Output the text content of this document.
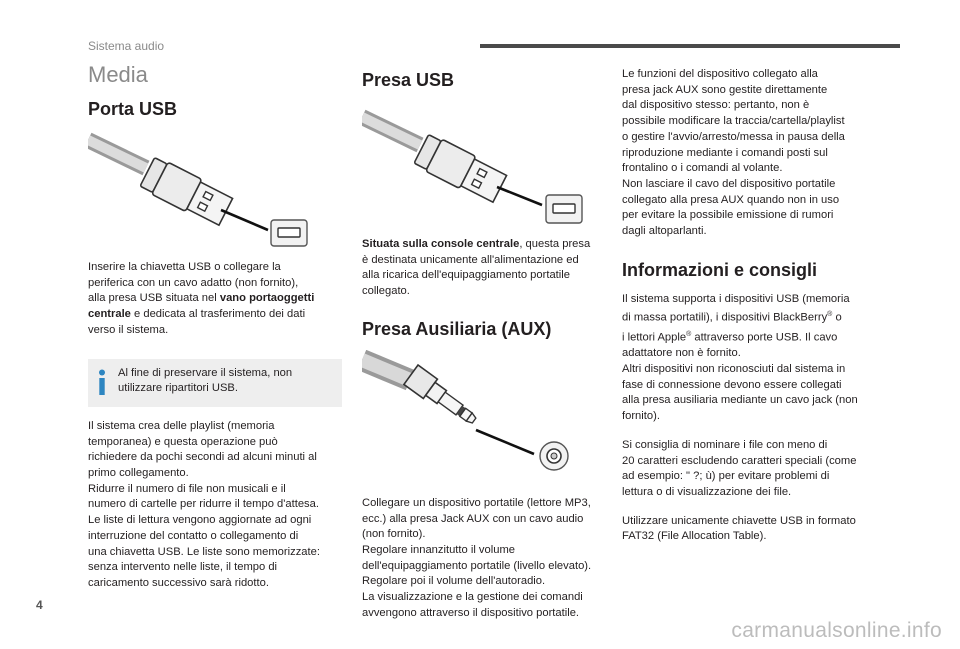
Sistema audio
Media
Porta USB

Inserire la chiavetta USB o collegare la
periferica con un cavo adatto (non fornito),
alla presa USB situata nel vano portaoggetti
centrale e dedicata al trasferimento dei dati
verso il sistema.

Al fine di preservare il sistema, non
utilizzare ripartitori USB.

Il sistema crea delle playlist (memoria
temporanea) e questa operazione può
richiedere da pochi secondi ad alcuni minuti al
primo collegamento.
Ridurre il numero di file non musicali e il
numero di cartelle per ridurre il tempo d'attesa.
Le liste di lettura vengono aggiornate ad ogni
interruzione del contatto o collegamento di
una chiavetta USB. Le liste sono memorizzate:
senza intervento nelle liste, il tempo di
caricamento successivo sarà ridotto.

Presa USB

Situata sulla console centrale, questa presa
è destinata unicamente all'alimentazione ed
alla ricarica dell'equipaggiamento portatile
collegato.

Presa Ausiliaria (AUX)

Collegare un dispositivo portatile (lettore MP3,
ecc.) alla presa Jack AUX con un cavo audio
(non fornito).
Regolare innanzitutto il volume
dell'equipaggiamento portatile (livello elevato).
Regolare poi il volume dell'autoradio.
La visualizzazione e la gestione dei comandi
avvengono attraverso il dispositivo portatile.

Le funzioni del dispositivo collegato alla
presa jack AUX sono gestite direttamente
dal dispositivo stesso: pertanto, non è
possibile modificare la traccia/cartella/playlist
o gestire l'avvio/arresto/messa in pausa della
riproduzione mediante i comandi posti sul
frontalino o i comandi al volante.
Non lasciare il cavo del dispositivo portatile
collegato alla presa AUX quando non in uso
per evitare la possibile emissione di rumori
dagli altoparlanti.

Informazioni e consigli

Il sistema supporta i dispositivi USB (memoria
di massa portatili), i dispositivi BlackBerry® o
i lettori Apple® attraverso porte USB. Il cavo
adattatore non è fornito.
Altri dispositivi non riconosciuti dal sistema in
fase di connessione devono essere collegati
alla presa ausiliaria mediante un cavo jack (non
fornito).

Si consiglia di nominare i file con meno di
20 caratteri escludendo caratteri speciali (come
ad esempio: " ?; ù) per evitare problemi di
lettura o di visualizzazione dei file.

Utilizzare unicamente chiavette USB in formato
FAT32 (File Allocation Table).

4
carmanualsonline.info
